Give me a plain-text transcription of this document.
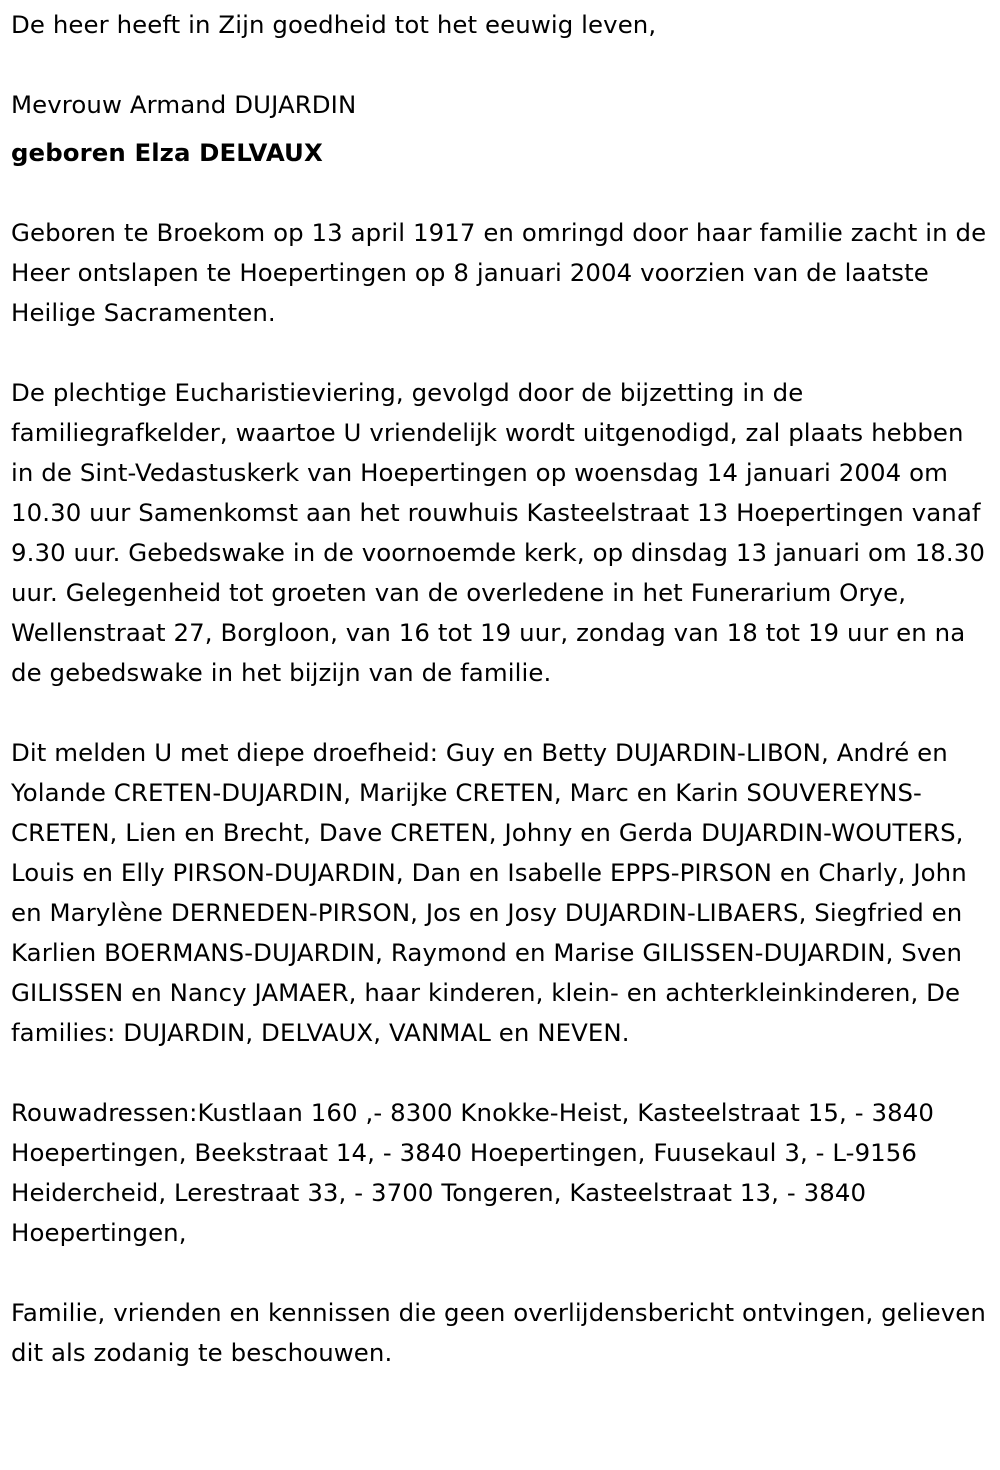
De heer heeft in Zijn goedheid tot het eeuwig leven,

Mevrouw Armand DUJARDIN

geboren Elza DELVAUX

Geboren te Broekom op 13 april 1917 en omringd door haar familie zacht in de Heer ontslapen te Hoepertingen op 8 januari 2004 voorzien van de laatste Heilige Sacramenten.

De plechtige Eucharistieviering, gevolgd door de bijzetting in de familiegrafkelder, waartoe U vriendelijk wordt uitgenodigd, zal plaats hebben in de Sint-Vedastuskerk van Hoepertingen op woensdag 14 januari 2004 om 10.30 uur Samenkomst aan het rouwhuis Kasteelstraat 13 Hoepertingen vanaf 9.30 uur. Gebedswake in de voornoemde kerk, op dinsdag 13 januari om 18.30 uur. Gelegenheid tot groeten van de overledene in het Funerarium Orye, Wellenstraat 27, Borgloon, van 16 tot 19 uur, zondag van 18 tot 19 uur en na de gebedswake in het bijzijn van de familie.

Dit melden U met diepe droefheid: Guy en Betty DUJARDIN-LIBON, André en Yolande CRETEN-DUJARDIN, Marijke CRETEN, Marc en Karin SOUVEREYNS-CRETEN, Lien en Brecht, Dave CRETEN, Johny en Gerda DUJARDIN-WOUTERS, Louis en Elly PIRSON-DUJARDIN, Dan en Isabelle EPPS-PIRSON en Charly, John en Marylène DERNEDEN-PIRSON, Jos en Josy DUJARDIN-LIBAERS, Siegfried en Karlien BOERMANS-DUJARDIN, Raymond en Marise GILISSEN-DUJARDIN, Sven GILISSEN en Nancy JAMAER, haar kinderen, klein- en achterkleinkinderen, De families: DUJARDIN, DELVAUX, VANMAL en NEVEN.

Rouwadressen:Kustlaan 160 ,- 8300 Knokke-Heist, Kasteelstraat 15, - 3840 Hoepertingen, Beekstraat 14, - 3840 Hoepertingen, Fuusekaul 3, - L-9156 Heidercheid, Lerestraat 33, - 3700 Tongeren, Kasteelstraat 13, - 3840 Hoepertingen,

Familie, vrienden en kennissen die geen overlijdensbericht ontvingen, gelieven dit als zodanig te beschouwen.
